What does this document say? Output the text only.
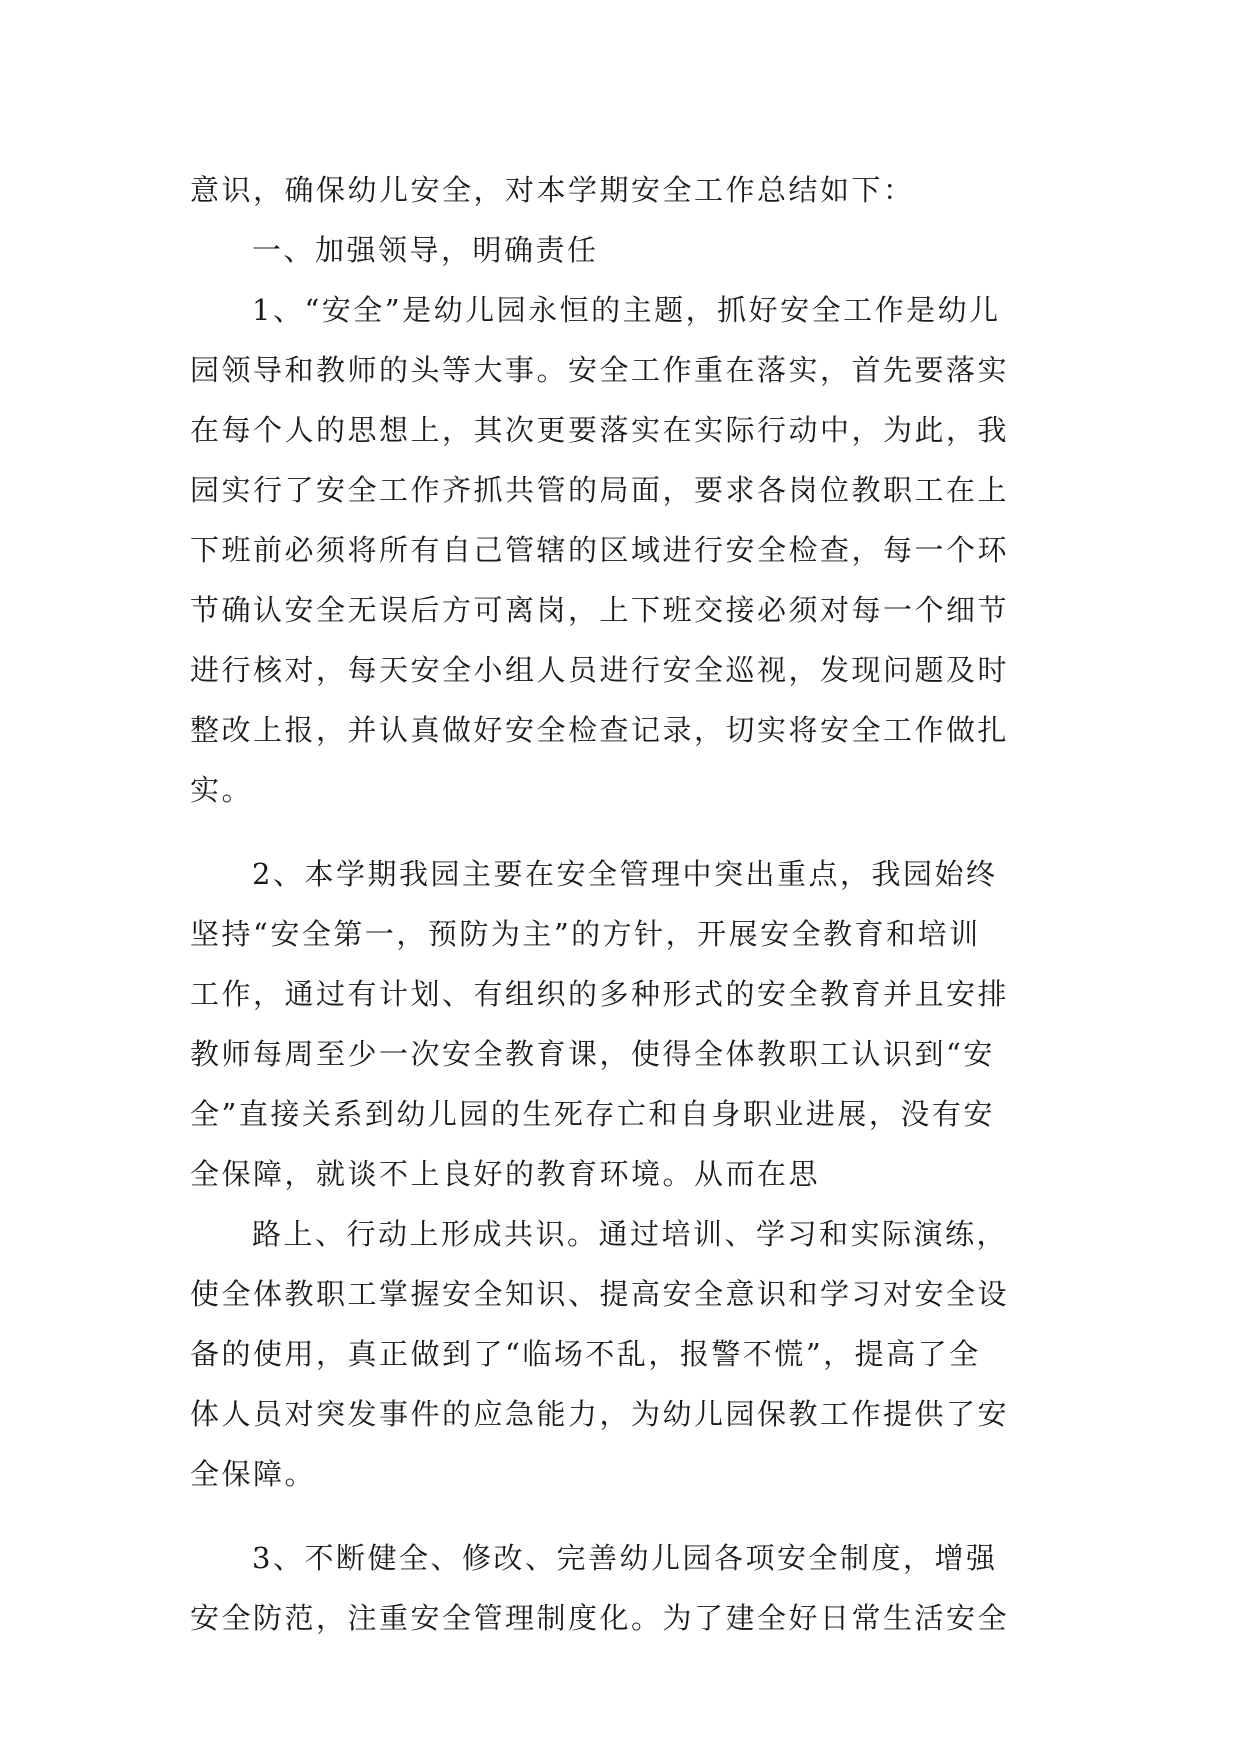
意识，确保幼儿安全，对本学期安全工作总结如下：
一、加强领导，明确责任
1、“安全”是幼儿园永恒的主题，抓好安全工作是幼儿
园领导和教师的头等大事。安全工作重在落实，首先要落实
在每个人的思想上，其次更要落实在实际行动中，为此，我
园实行了安全工作齐抓共管的局面，要求各岗位教职工在上
下班前必须将所有自己管辖的区域进行安全检查，每一个环
节确认安全无误后方可离岗，上下班交接必须对每一个细节
进行核对，每天安全小组人员进行安全巡视，发现问题及时
整改上报，并认真做好安全检查记录，切实将安全工作做扎
实。
2、本学期我园主要在安全管理中突出重点，我园始终
坚持“安全第一，预防为主”的方针，开展安全教育和培训
工作，通过有计划、有组织的多种形式的安全教育并且安排
教师每周至少一次安全教育课，使得全体教职工认识到“安
全”直接关系到幼儿园的生死存亡和自身职业进展，没有安
全保障，就谈不上良好的教育环境。从而在思
路上、行动上形成共识。通过培训、学习和实际演练，
使全体教职工掌握安全知识、提高安全意识和学习对安全设
备的使用，真正做到了“临场不乱，报警不慌”，提高了全
体人员对突发事件的应急能力，为幼儿园保教工作提供了安
全保障。
3、不断健全、修改、完善幼儿园各项安全制度，增强
安全防范，注重安全管理制度化。为了建全好日常生活安全
